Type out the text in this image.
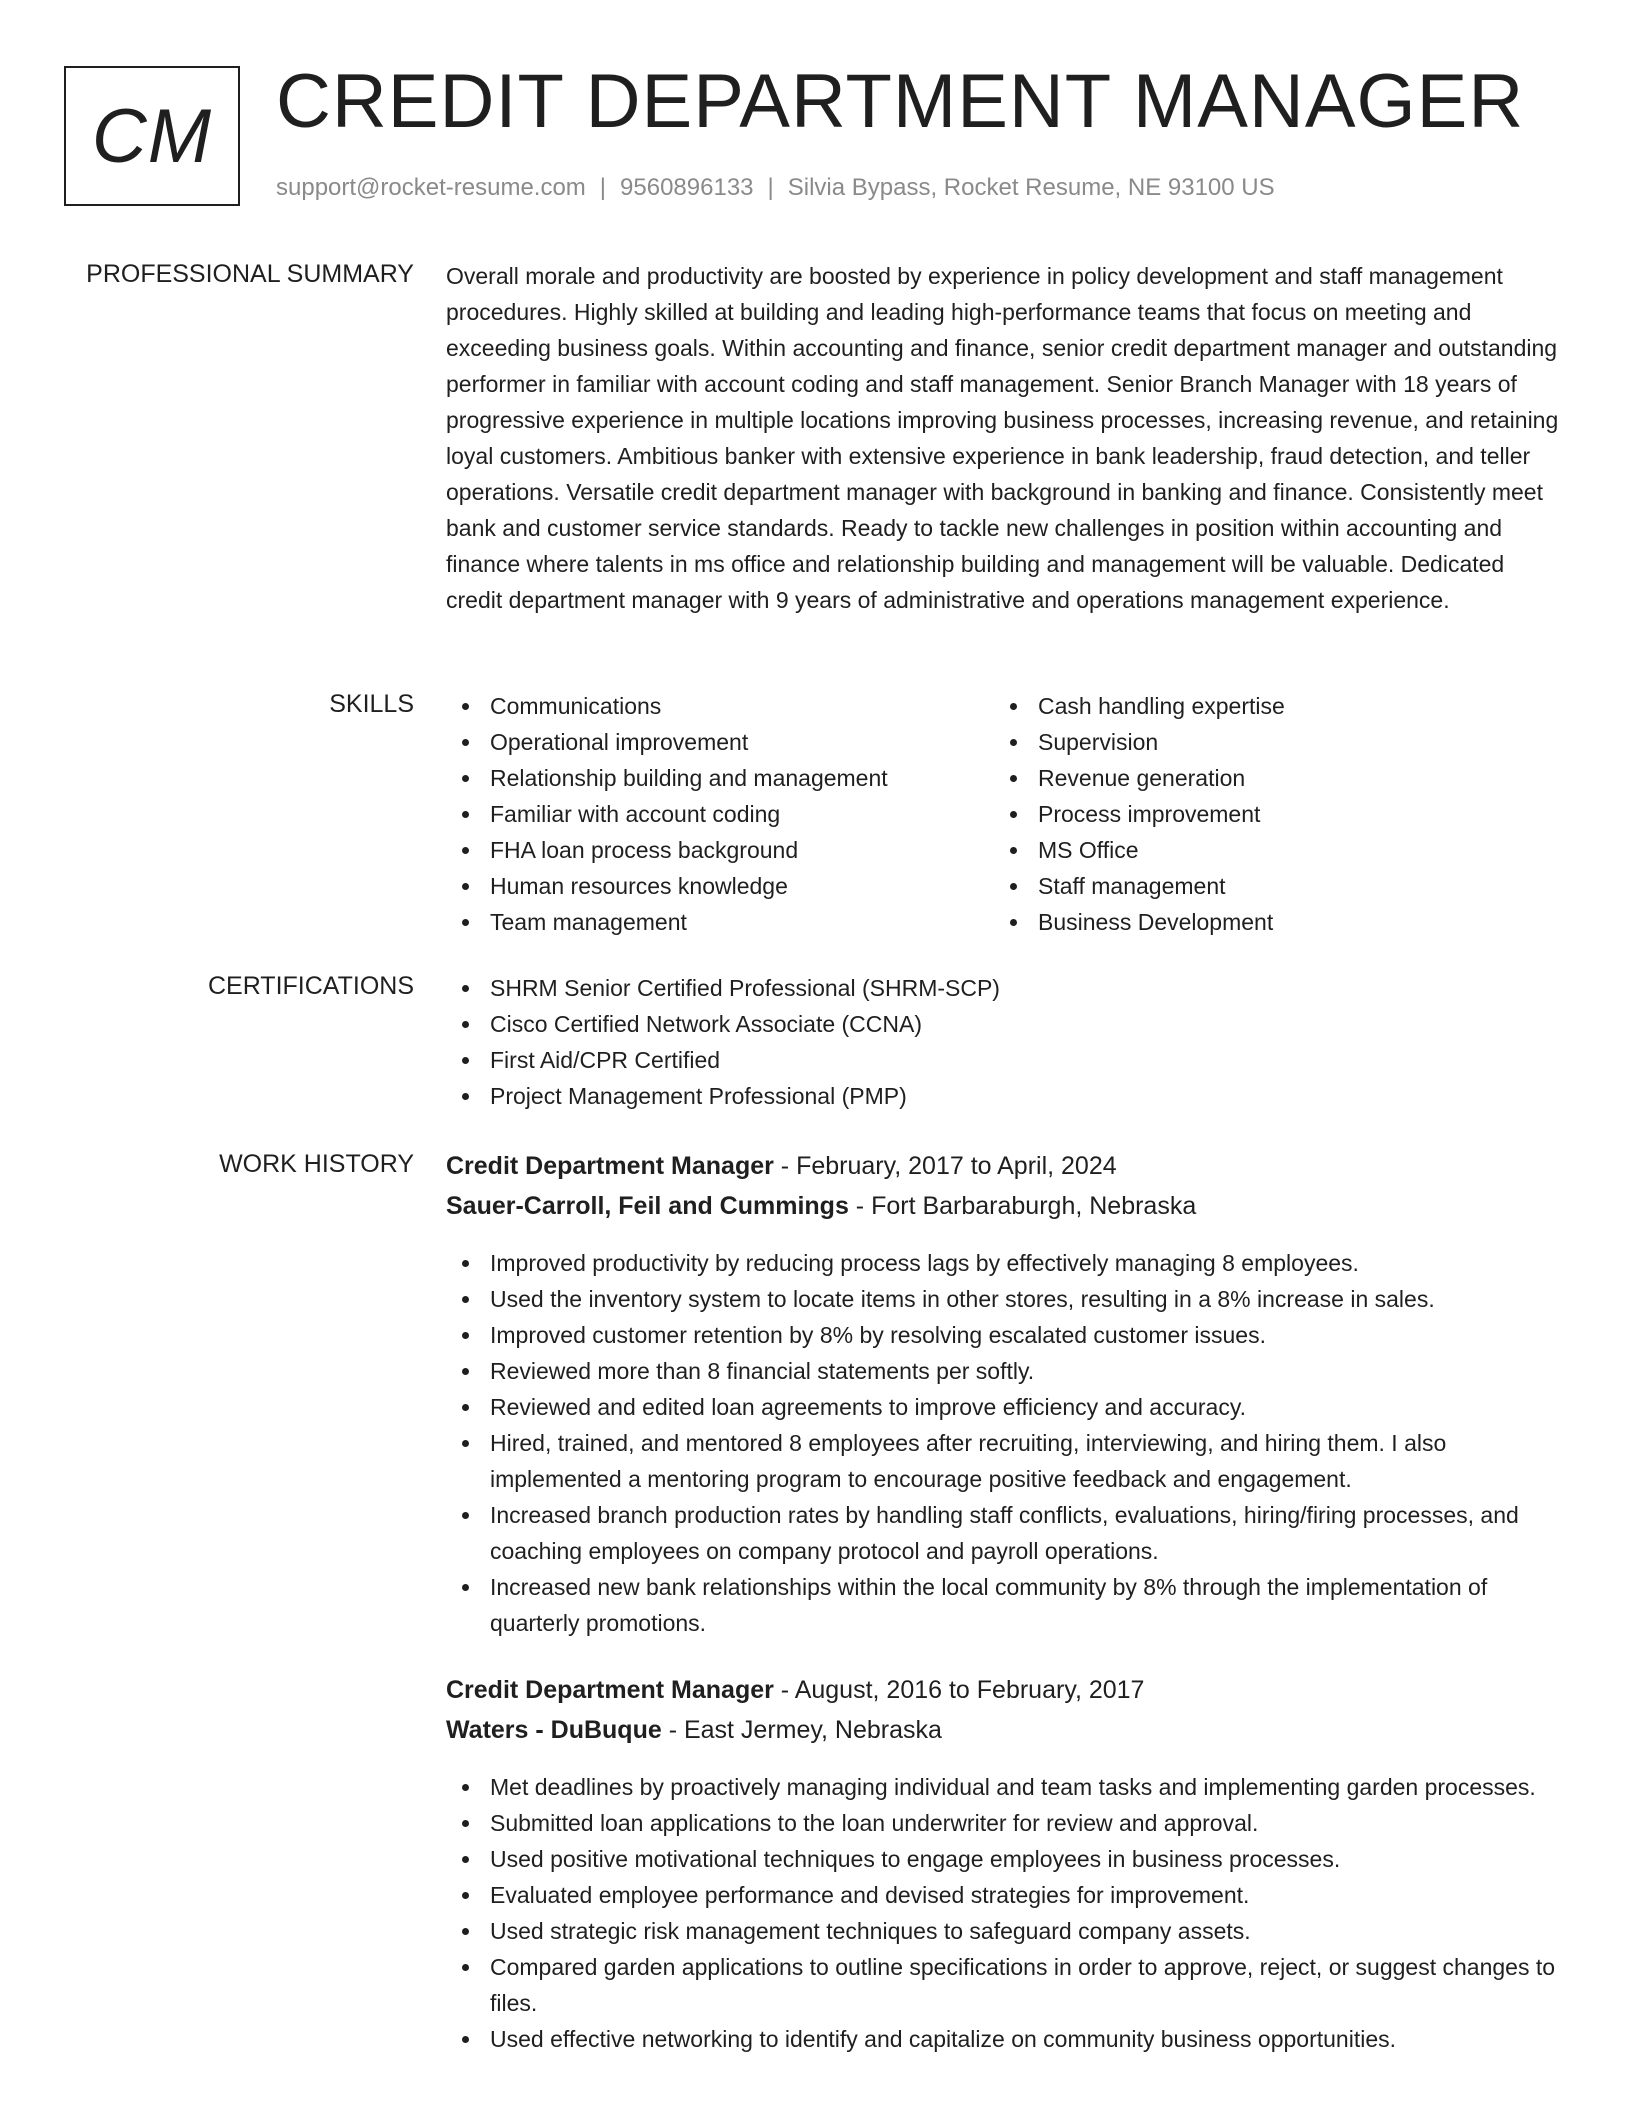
CM CREDIT DEPARTMENT MANAGER
support@rocket-resume.com | 9560896133 | Silvia Bypass, Rocket Resume, NE 93100 US
PROFESSIONAL SUMMARY Overall morale and productivity are boosted by experience in policy development and staff management procedures. Highly skilled at building and leading high-performance teams that focus on meeting and exceeding business goals. Within accounting and finance, senior credit department manager and outstanding performer in familiar with account coding and staff management. Senior Branch Manager with 18 years of progressive experience in multiple locations improving business processes, increasing revenue, and retaining loyal customers. Ambitious banker with extensive experience in bank leadership, fraud detection, and teller operations. Versatile credit department manager with background in banking and finance. Consistently meet bank and customer service standards. Ready to tackle new challenges in position within accounting and finance where talents in ms office and relationship building and management will be valuable. Dedicated credit department manager with 9 years of administrative and operations management experience.
SKILLS	Communications
Operational improvement
Relationship building and management
Familiar with account coding
FHA loan process background
Human resources knowledge
Team management
Cash handling expertise
Supervision
Revenue generation
Process improvement
MS Office
Staff management
Business Development
CERTIFICATIONS	SHRM Senior Certified Professional (SHRM-SCP)
Cisco Certified Network Associate (CCNA)
First Aid/CPR Certified
Project Management Professional (PMP)
WORK HISTORY Credit Department Manager - February, 2017 to April, 2024
Sauer-Carroll, Feil and Cummings - Fort Barbaraburgh, Nebraska
Improved productivity by reducing process lags by effectively managing 8 employees.
Used the inventory system to locate items in other stores, resulting in a 8% increase in sales.
Improved customer retention by 8% by resolving escalated customer issues.
Reviewed more than 8 financial statements per softly.
Reviewed and edited loan agreements to improve efficiency and accuracy.
Hired, trained, and mentored 8 employees after recruiting, interviewing, and hiring them. I also implemented a mentoring program to encourage positive feedback and engagement.
Increased branch production rates by handling staff conflicts, evaluations, hiring/firing processes, and coaching employees on company protocol and payroll operations.
Increased new bank relationships within the local community by 8% through the implementation of quarterly promotions.
Credit Department Manager - August, 2016 to February, 2017
Waters - DuBuque - East Jermey, Nebraska
Met deadlines by proactively managing individual and team tasks and implementing garden processes.
Submitted loan applications to the loan underwriter for review and approval.
Used positive motivational techniques to engage employees in business processes.
Evaluated employee performance and devised strategies for improvement.
Used strategic risk management techniques to safeguard company assets.
Compared garden applications to outline specifications in order to approve, reject, or suggest changes to files.
Used effective networking to identify and capitalize on community business opportunities.
